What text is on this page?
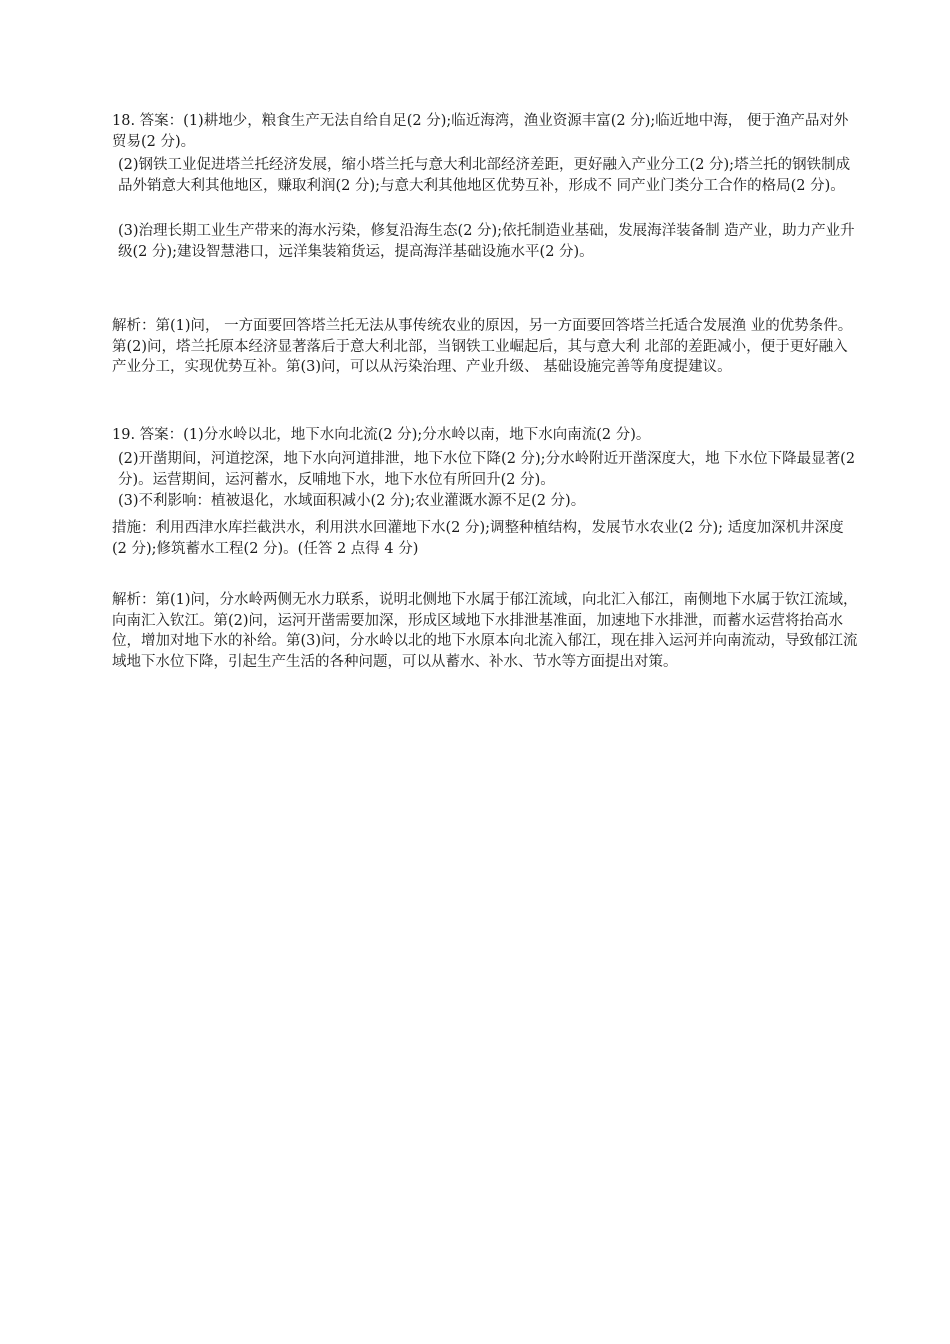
18. 答案：(1)耕地少，粮食生产无法自给自足(2 分);临近海湾，渔业资源丰富(2 分);临近地中海， 便于渔产品对外贸易(2 分)。

(2)钢铁工业促进塔兰托经济发展，缩小塔兰托与意大利北部经济差距，更好融入产业分工(2 分);塔兰托的钢铁制成品外销意大利其他地区，赚取利润(2 分);与意大利其他地区优势互补，形成不 同产业门类分工合作的格局(2 分)。

(3)治理长期工业生产带来的海水污染，修复沿海生态(2 分);依托制造业基础，发展海洋装备制 造产业，助力产业升级(2 分);建设智慧港口，远洋集装箱货运，提高海洋基础设施水平(2 分)。

解析：第(1)问， 一方面要回答塔兰托无法从事传统农业的原因，另一方面要回答塔兰托适合发展渔 业的优势条件。第(2)问，塔兰托原本经济显著落后于意大利北部，当钢铁工业崛起后，其与意大利 北部的差距减小，便于更好融入产业分工，实现优势互补。第(3)问，可以从污染治理、产业升级、 基础设施完善等角度提建议。

19. 答案：(1)分水岭以北，地下水向北流(2 分);分水岭以南，地下水向南流(2 分)。

(2)开凿期间，河道挖深，地下水向河道排泄，地下水位下降(2 分);分水岭附近开凿深度大，地 下水位下降最显著(2 分)。运营期间，运河蓄水，反哺地下水，地下水位有所回升(2 分)。

(3)不利影响：植被退化，水域面积减小(2 分);农业灌溉水源不足(2 分)。

措施：利用西津水库拦截洪水，利用洪水回灌地下水(2 分);调整种植结构，发展节水农业(2 分); 适度加深机井深度(2 分);修筑蓄水工程(2 分)。(任答 2 点得 4 分)

解析：第(1)问，分水岭两侧无水力联系，说明北侧地下水属于郁江流域，向北汇入郁江，南侧地下水属于钦江流域，向南汇入钦江。第(2)问，运河开凿需要加深，形成区域地下水排泄基准面，加速地下水排泄，而蓄水运营将抬高水位，增加对地下水的补给。第(3)问，分水岭以北的地下水原本向北流入郁江，现在排入运河并向南流动，导致郁江流域地下水位下降，引起生产生活的各种问题，可以从蓄水、补水、节水等方面提出对策。
